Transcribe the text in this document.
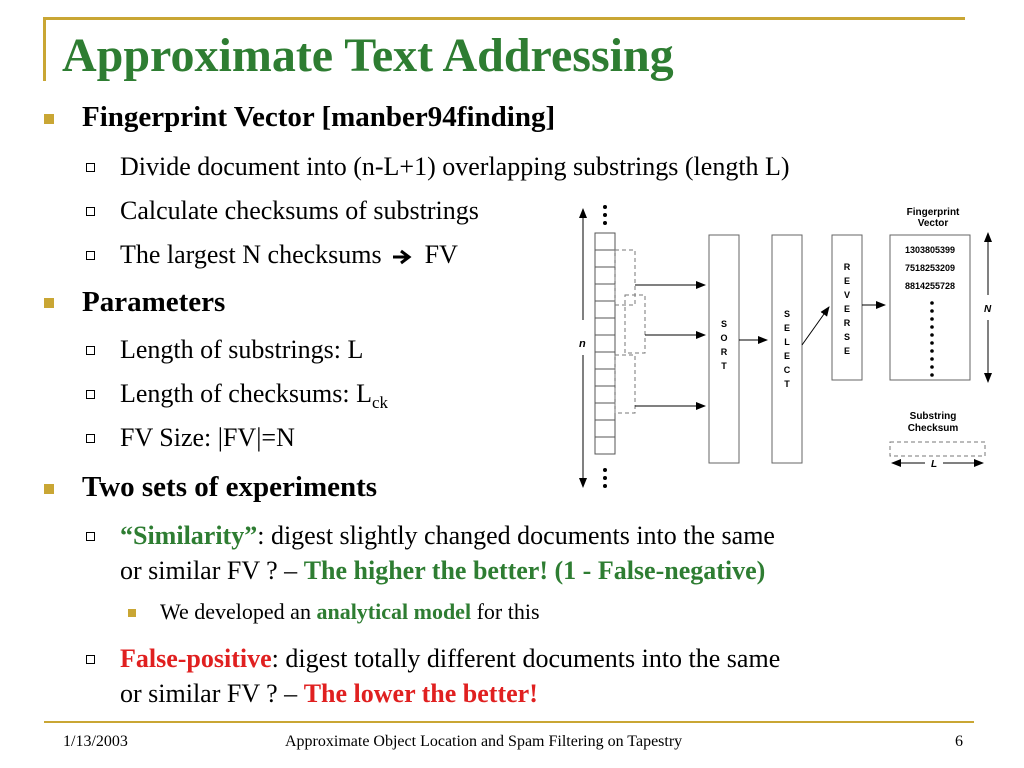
Approximate Text Addressing
Fingerprint Vector [manber94finding]
Divide document into (n-L+1) overlapping substrings (length L)
Calculate checksums of substrings
The largest N checksums FV
Parameters
Length of substrings: L
Length of checksums: $L_{ck}$
FV Size: |FV|=N
Two sets of experiments
“Similarity”: digest slightly changed documents into the same
or similar FV ? – The higher the better! (1 - False-negative)
We developed an analytical model for this
False-positive: digest totally different documents into the same
or similar FV ? – The lower the better!
n
S
O
R
T
S
E
L
E
C
T
R
E
V
E
R
S
E
Fingerprint
Vector
1303805399
7518253209
8814255728
N
Substring
Checksum
L
1/13/2003	Approximate Object Location and Spam Filtering on Tapestry	6
